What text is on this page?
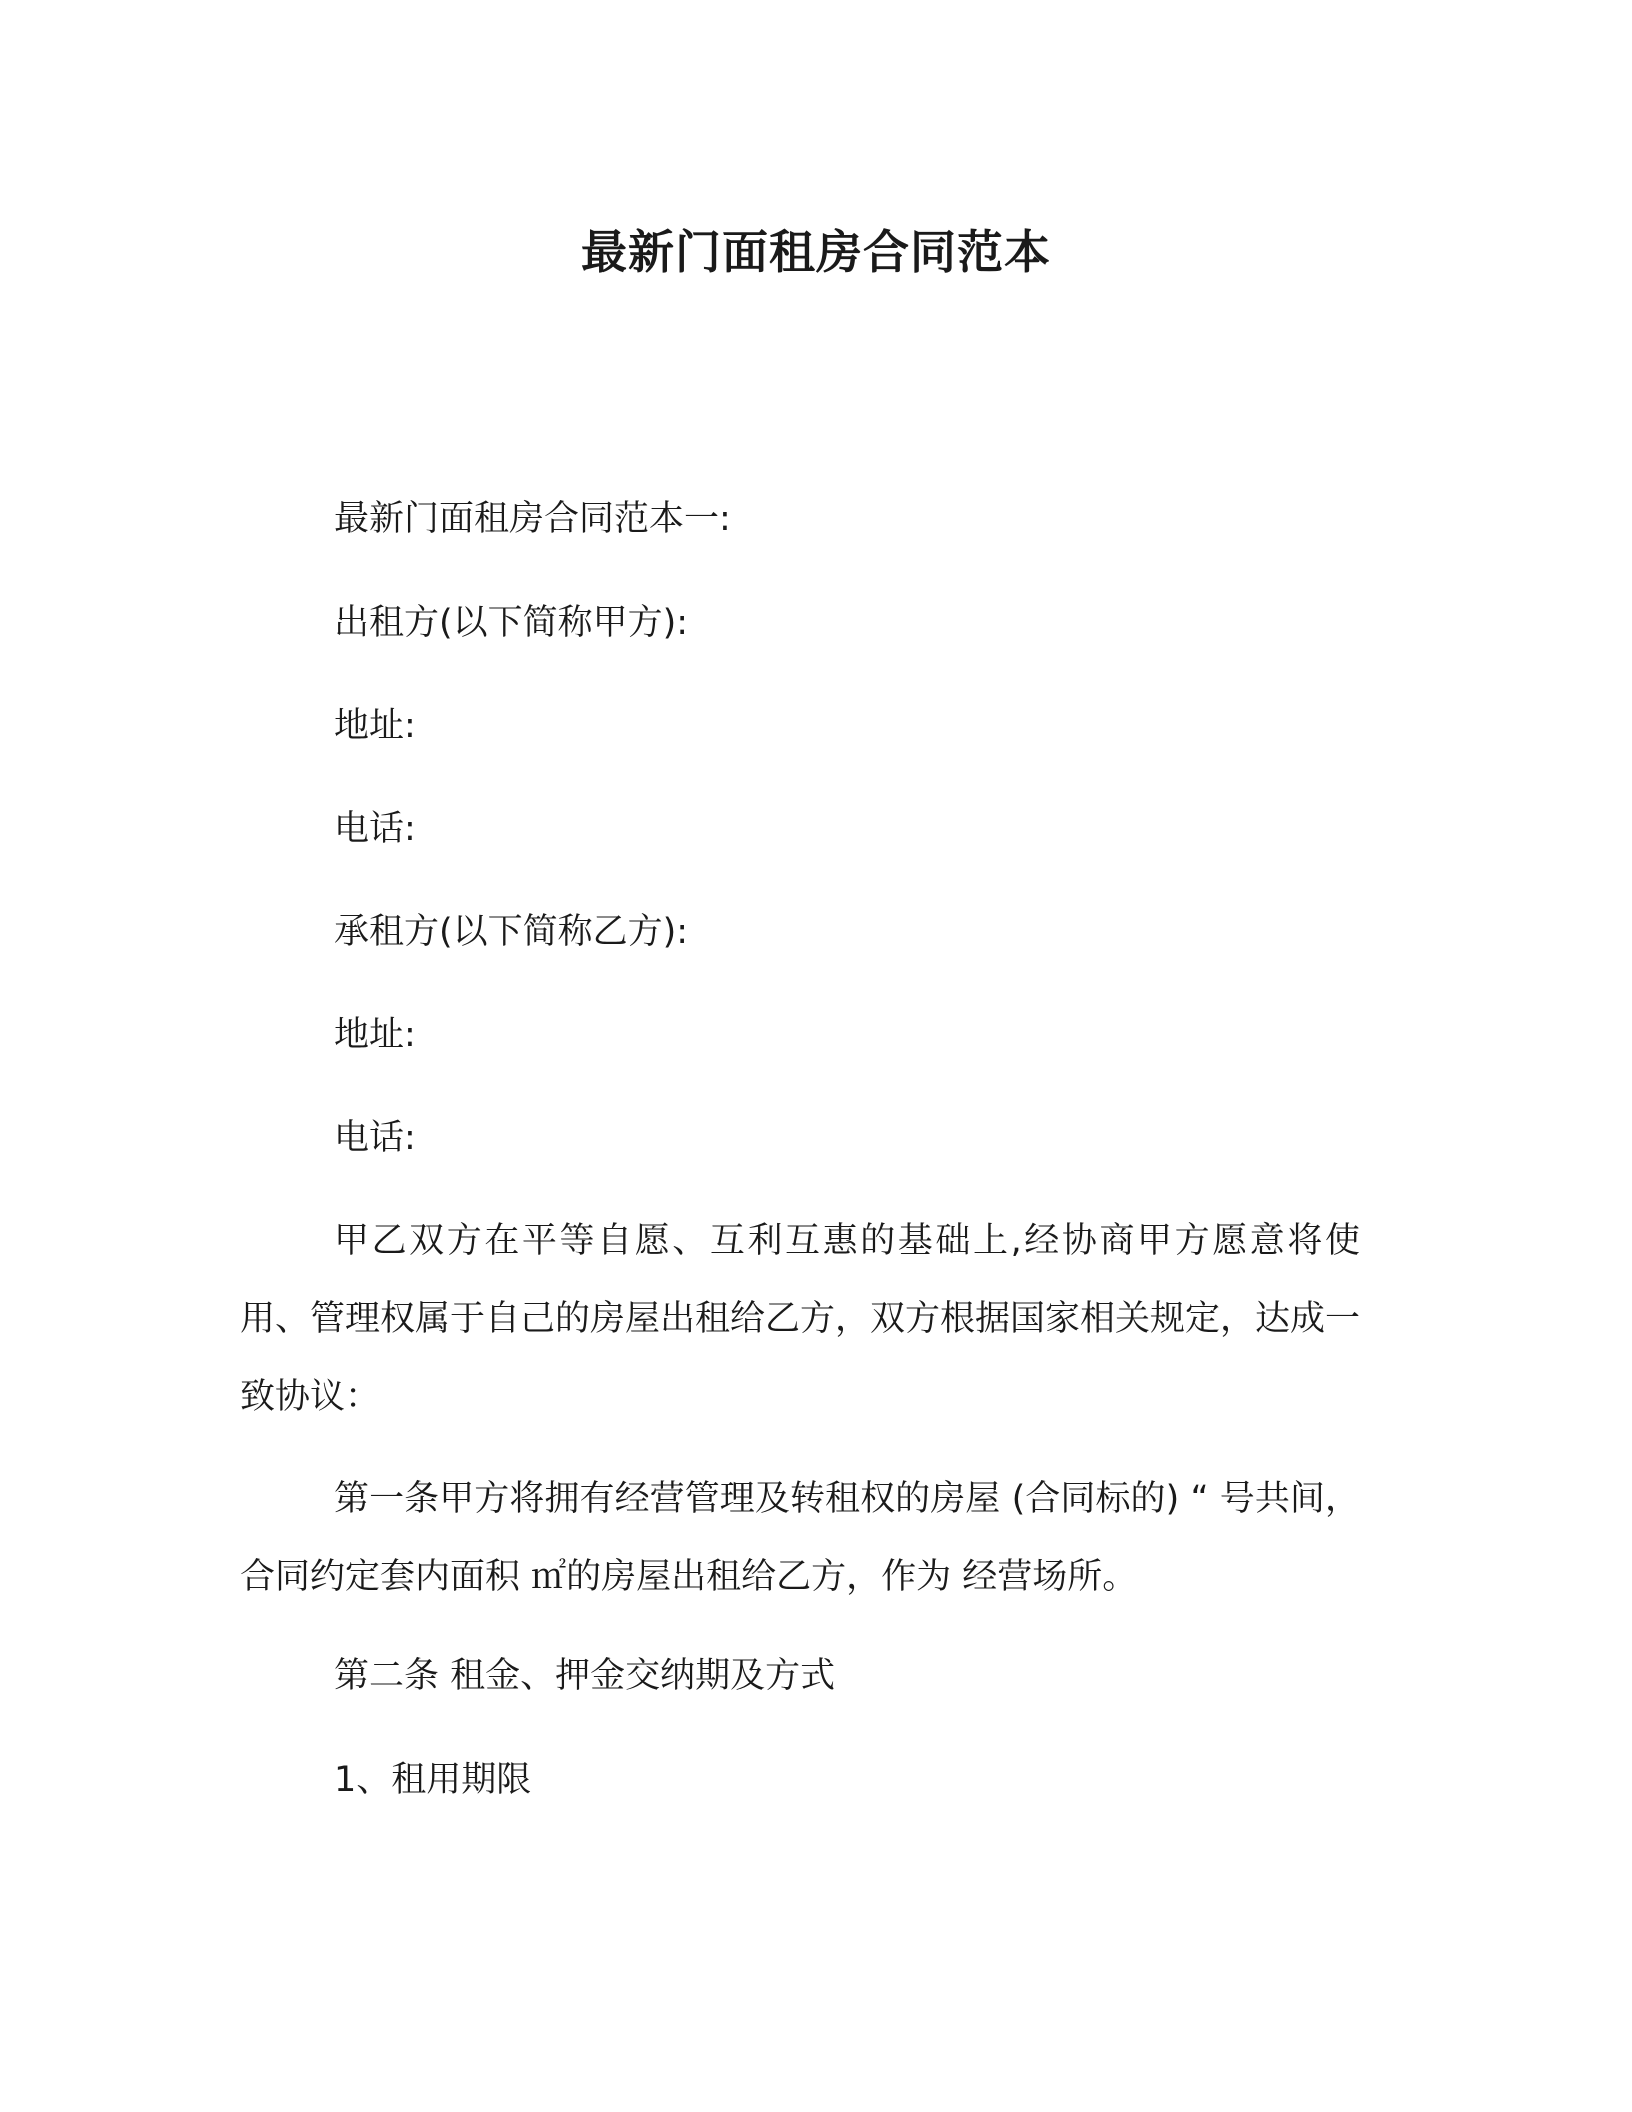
最新门面租房合同范本
最新门面租房合同范本一:
出租方(以下简称甲方):
地址:
电话:
承租方(以下简称乙方):
地址:
电话:
甲乙双方在平等自愿、互利互惠的基础上,经协商甲方愿意将使用、管理权属于自己的房屋出租给乙方，双方根据国家相关规定，达成一致协议：
第一条甲方将拥有经营管理及转租权的房屋 (合同标的) “ 号共间，合同约定套内面积 ㎡的房屋出租给乙方，作为 经营场所。
第二条 租金、押金交纳期及方式
1、租用期限
